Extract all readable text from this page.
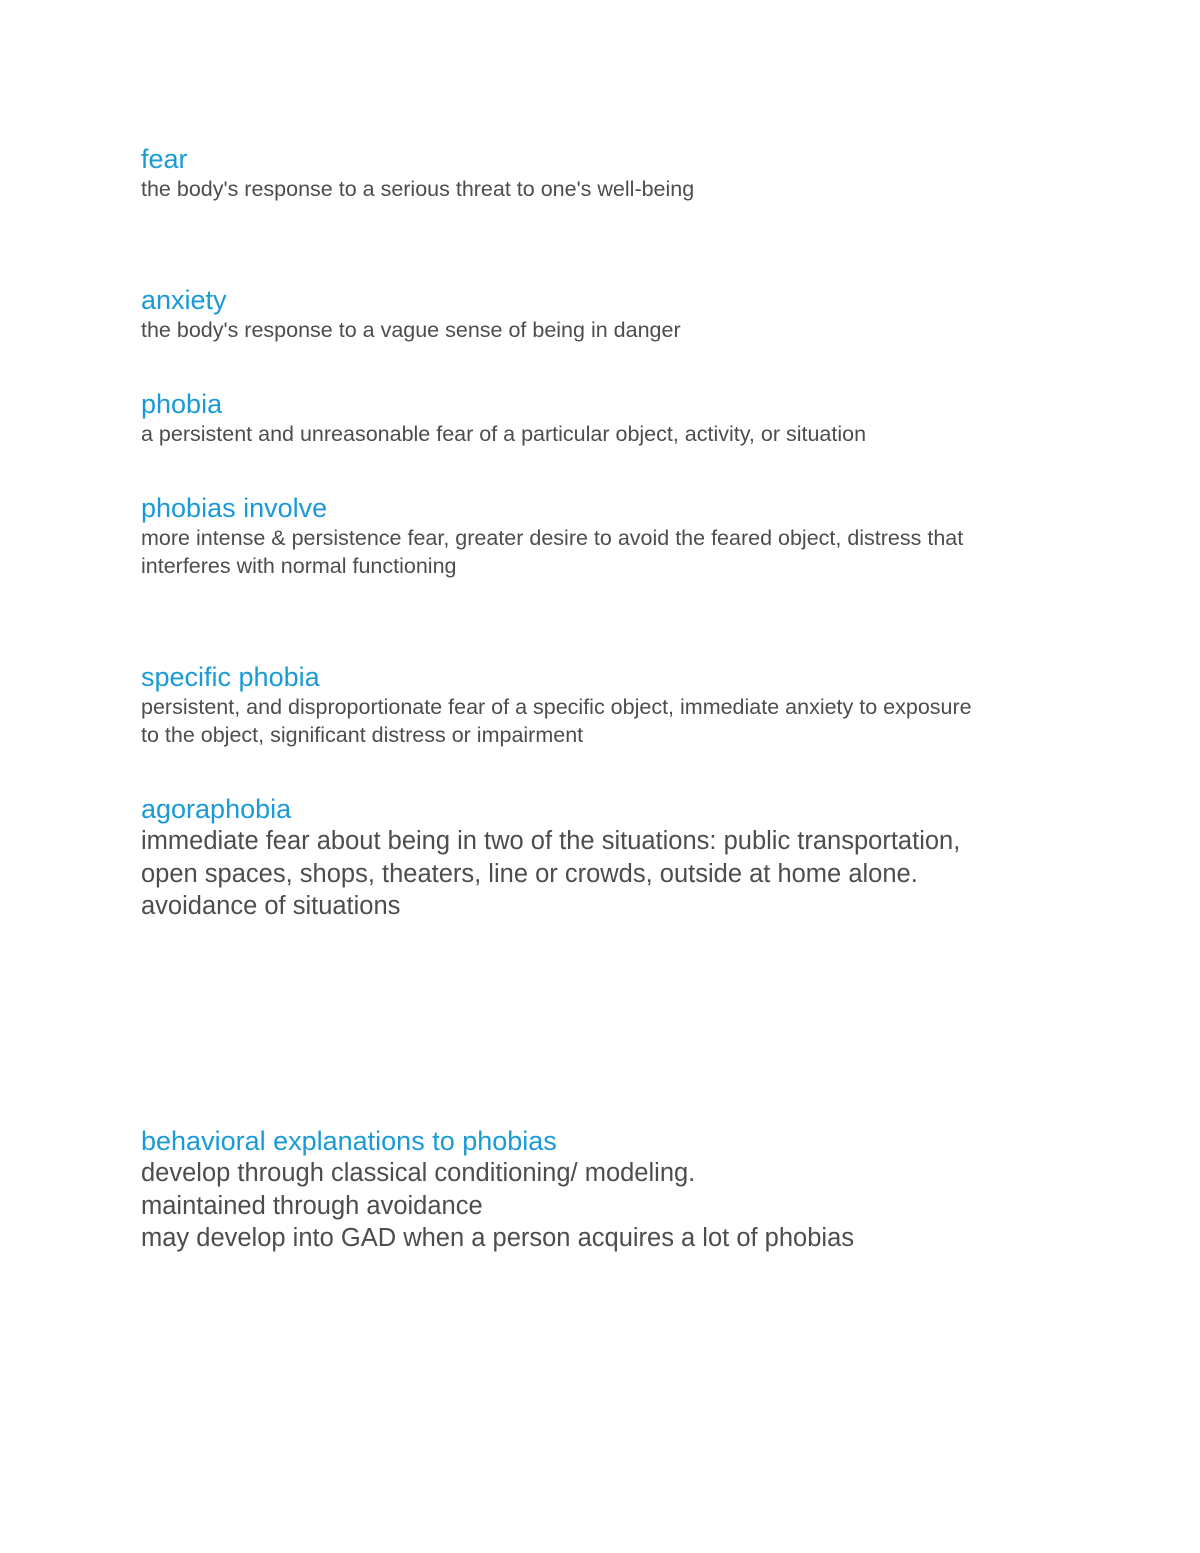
fear

the body's response to a serious threat to one's well-being

anxiety

the body's response to a vague sense of being in danger

phobia

a persistent and unreasonable fear of a particular object, activity, or situation

phobias involve

more intense & persistence fear, greater desire to avoid the feared object, distress that
interferes with normal functioning

specific phobia

persistent, and disproportionate fear of a specific object, immediate anxiety to exposure
to the object, significant distress or impairment

agoraphobia

immediate fear about being in two of the situations: public transportation,
open spaces, shops, theaters, line or crowds, outside at home alone.
avoidance of situations

behavioral explanations to phobias

develop through classical conditioning/ modeling.
maintained through avoidance
may develop into GAD when a person acquires a lot of phobias
